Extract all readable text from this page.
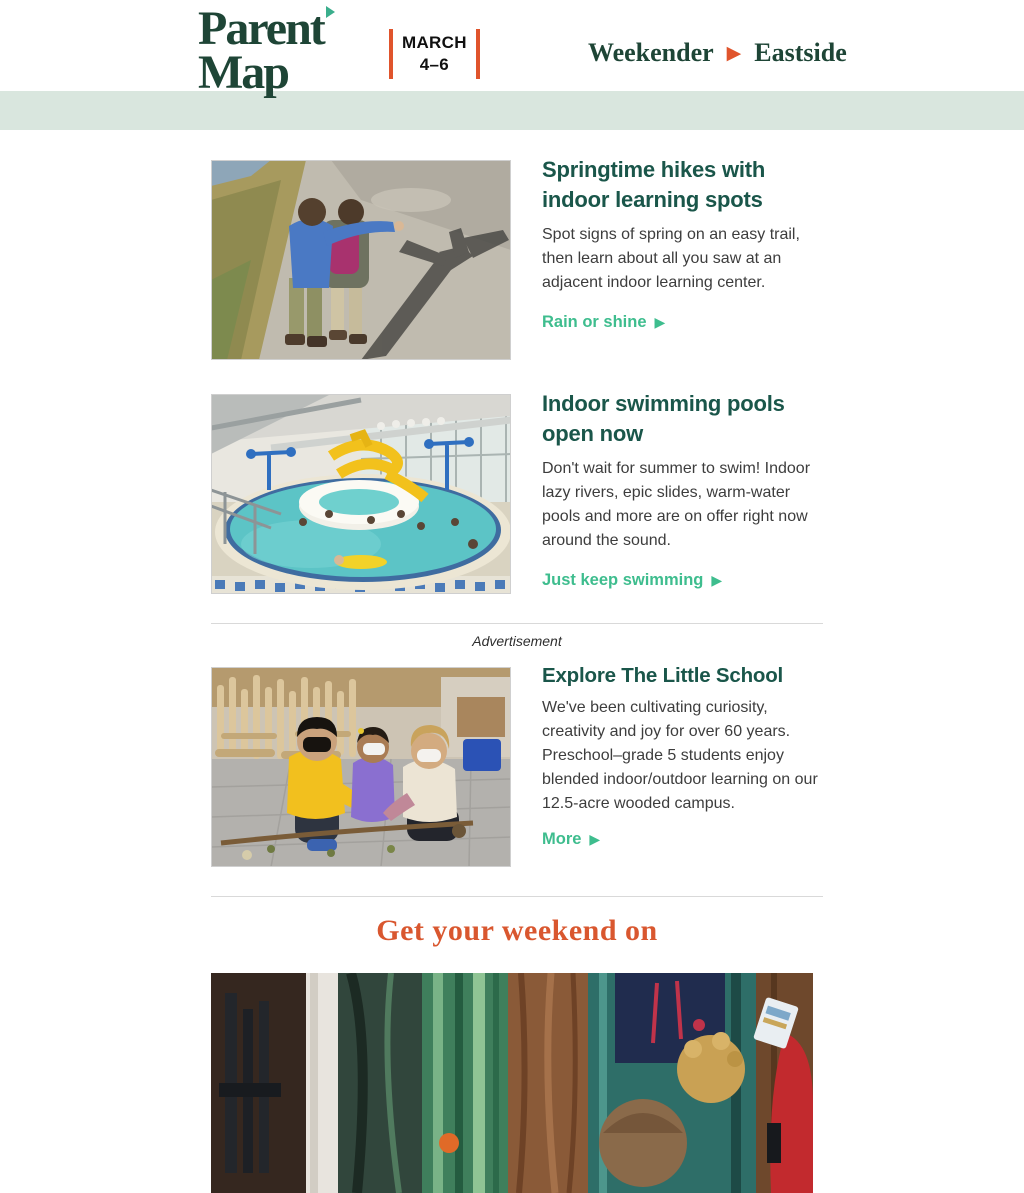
Parent
Map
MARCH
4–6	Weekender ▶ Eastside
Springtime hikes with indoor learning spots

Spot signs of spring on an easy trail, then learn about all you saw at an adjacent indoor learning center.

Rain or shine ▶
Indoor swimming pools open now

Don't wait for summer to swim! Indoor lazy rivers, epic slides, warm-water pools and more are on offer right now around the sound.

Just keep swimming ▶
Advertisement
Explore The Little School

We've been cultivating curiosity, creativity and joy for over 60 years. Preschool–grade 5 students enjoy blended indoor/outdoor learning on our 12.5-acre wooded campus.

More ▶
Get your weekend on
